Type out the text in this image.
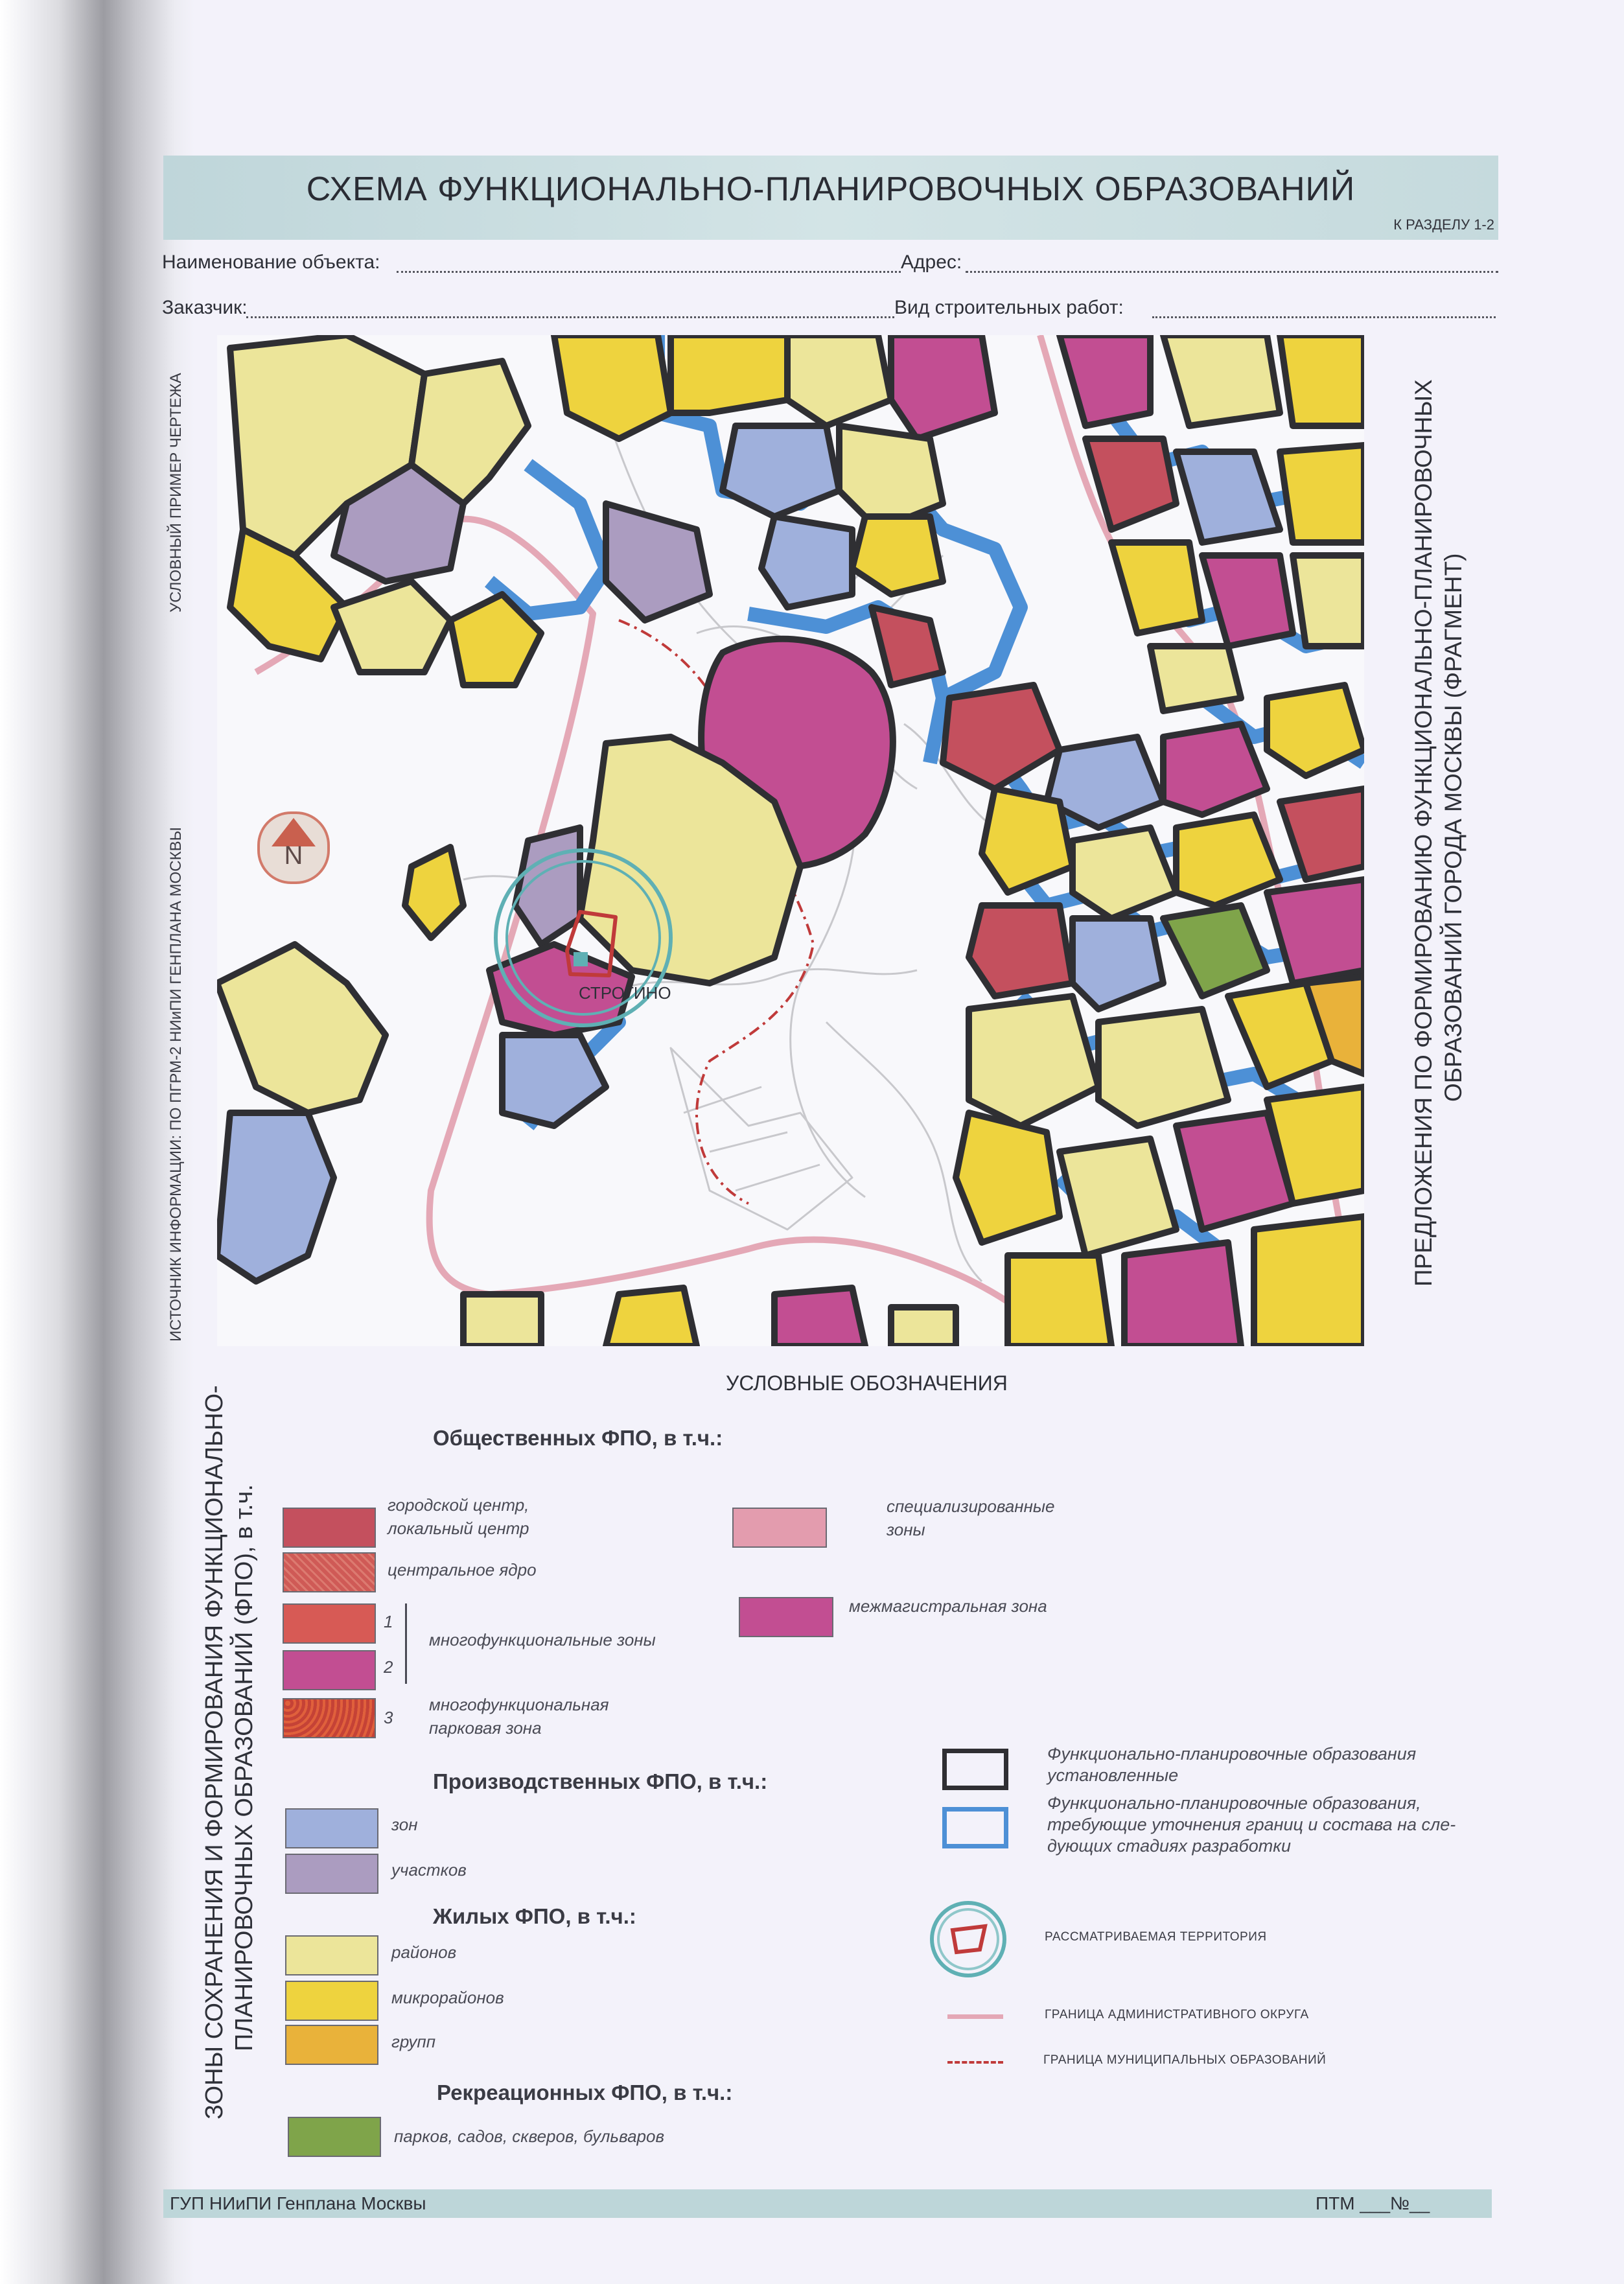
СХЕМА ФУНКЦИОНАЛЬНО-ПЛАНИРОВОЧНЫХ ОБРАЗОВАНИЙ
К РАЗДЕЛУ 1-2
Наименование объекта:	Адрес:
Заказчик:	Вид строительных работ:
УСЛОВНЫЙ ПРИМЕР ЧЕРТЕЖА
ИСТОЧНИК ИНФОРМАЦИИ: ПО ПГРМ-2 НИиПИ ГЕНПЛАНА МОСКВЫ	ПРЕДЛОЖЕНИЯ ПО ФОРМИРОВАНИЮ ФУНКЦИОНАЛЬНО-ПЛАНИРОВОЧНЫХ ОБРАЗОВАНИЙ ГОРОДА МОСКВЫ (ФРАГМЕНТ)
СТРОГИНО
N
УСЛОВНЫЕ ОБОЗНАЧЕНИЯ
ЗОНЫ СОХРАНЕНИЯ И ФОРМИРОВАНИЯ ФУНКЦИОНАЛЬНО- ПЛАНИРОВОЧНЫХ ОБРАЗОВАНИЙ (ФПО), в т.ч.
Общественных ФПО, в т.ч.:
городской центр,
локальный центр
центральное ядро
1
2
3
многофункциональные зоны
многофункциональная
парковая зона
специализированные
зоны
межмагистральная зона
Производственных ФПО, в т.ч.:
зон
участков
Жилых ФПО, в т.ч.:
районов
микрорайонов
групп
Рекреационных ФПО, в т.ч.:
парков, садов, скверов, бульваров
Функционально-планировочные образования
установленные
Функционально-планировочные образования,
требующие уточнения границ и состава на сле-
дующих стадиях разработки
РАССМАТРИВАЕМАЯ ТЕРРИТОРИЯ
ГРАНИЦА АДМИНИСТРАТИВНОГО ОКРУГА
ГРАНИЦА МУНИЦИПАЛЬНЫХ ОБРАЗОВАНИЙ
ГУП НИиПИ Генплана Москвы	ПТМ ___№__
